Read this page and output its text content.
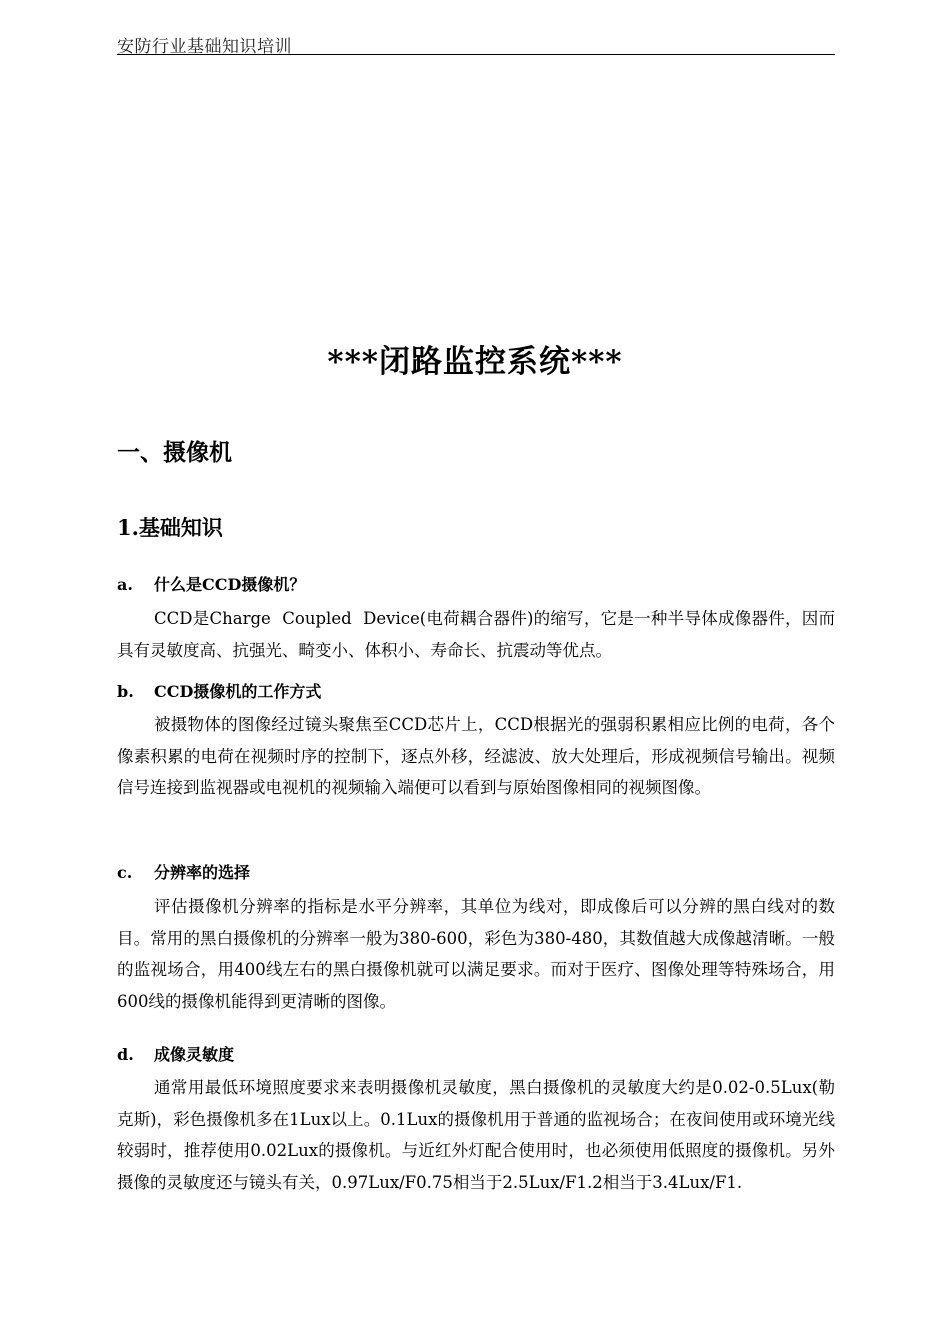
安防行业基础知识培训
***闭路监控系统***
一、摄像机
1.基础知识
a. 什么是CCD摄像机？

CCD是Charge Coupled Device(电荷耦合器件)的缩写，它是一种半导体成像器件，因而具有灵敏度高、抗强光、畸变小、体积小、寿命长、抗震动等优点。

b. CCD摄像机的工作方式

被摄物体的图像经过镜头聚焦至CCD芯片上，CCD根据光的强弱积累相应比例的电荷，各个像素积累的电荷在视频时序的控制下，逐点外移，经滤波、放大处理后，形成视频信号输出。视频信号连接到监视器或电视机的视频输入端便可以看到与原始图像相同的视频图像。

c. 分辨率的选择

评估摄像机分辨率的指标是水平分辨率，其单位为线对，即成像后可以分辨的黑白线对的数目。常用的黑白摄像机的分辨率一般为380-600，彩色为380-480，其数值越大成像越清晰。一般的监视场合，用400线左右的黑白摄像机就可以满足要求。而对于医疗、图像处理等特殊场合，用600线的摄像机能得到更清晰的图像。

d. 成像灵敏度

通常用最低环境照度要求来表明摄像机灵敏度，黑白摄像机的灵敏度大约是0.02-0.5Lux(勒克斯)，彩色摄像机多在1Lux以上。0.1Lux的摄像机用于普通的监视场合；在夜间使用或环境光线较弱时，推荐使用0.02Lux的摄像机。与近红外灯配合使用时，也必须使用低照度的摄像机。另外摄像的灵敏度还与镜头有关，0.97Lux/F0.75相当于2.5Lux/F1.2相当于3.4Lux/F1.
